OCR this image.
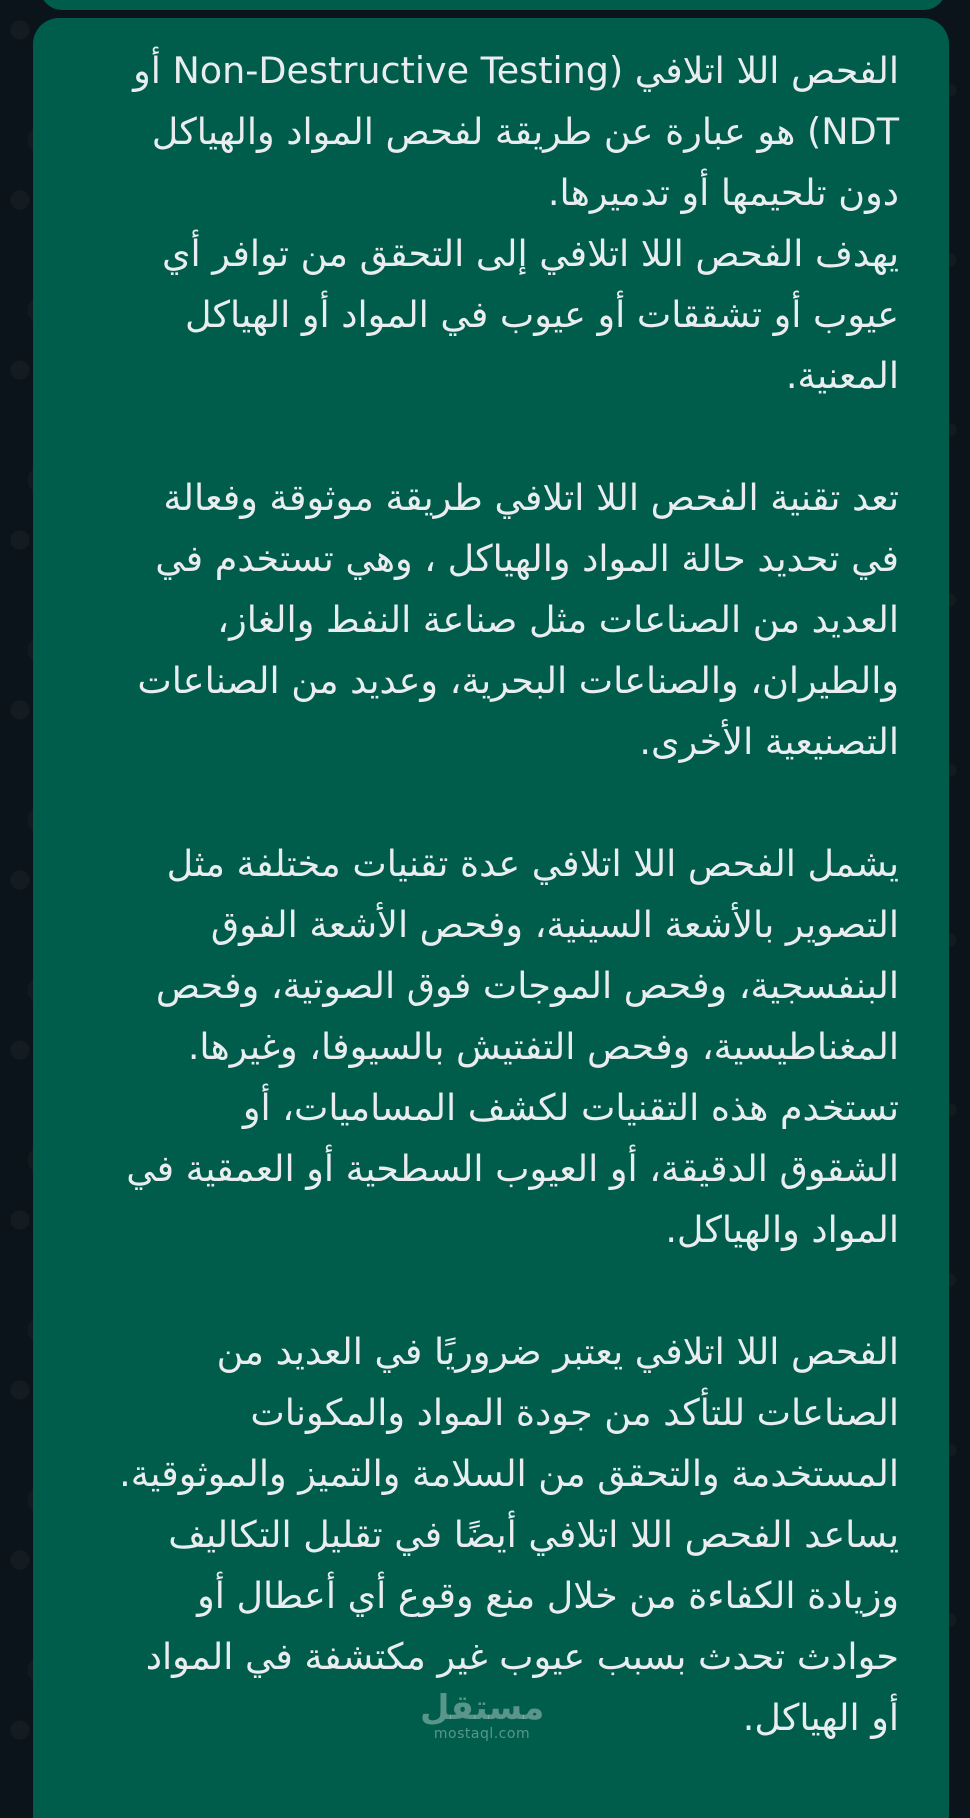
الفحص اللا اتلافي (Non-Destructive Testing أو NDT) هو عبارة عن طريقة لفحص المواد والهياكل دون تلحيمها أو تدميرها.

يهدف الفحص اللا اتلافي إلى التحقق من توافر أي عيوب أو تشققات أو عيوب في المواد أو الهياكل المعنية.

تعد تقنية الفحص اللا اتلافي طريقة موثوقة وفعالة في تحديد حالة المواد والهياكل ، وهي تستخدم في العديد من الصناعات مثل صناعة النفط والغاز، والطيران، والصناعات البحرية، وعديد من الصناعات التصنيعية الأخرى.

يشمل الفحص اللا اتلافي عدة تقنيات مختلفة مثل التصوير بالأشعة السينية، وفحص الأشعة الفوق البنفسجية، وفحص الموجات فوق الصوتية، وفحص المغناطيسية، وفحص التفتيش بالسيوفا، وغيرها.

تستخدم هذه التقنيات لكشف المساميات، أو الشقوق الدقيقة، أو العيوب السطحية أو العمقية في المواد والهياكل.

الفحص اللا اتلافي يعتبر ضروريًا في العديد من الصناعات للتأكد من جودة المواد والمكونات المستخدمة والتحقق من السلامة والتميز والموثوقية.

يساعد الفحص اللا اتلافي أيضًا في تقليل التكاليف وزيادة الكفاءة من خلال منع وقوع أي أعطال أو حوادث تحدث بسبب عيوب غير مكتشفة في المواد أو الهياكل.

مستقل
mostaql.com
